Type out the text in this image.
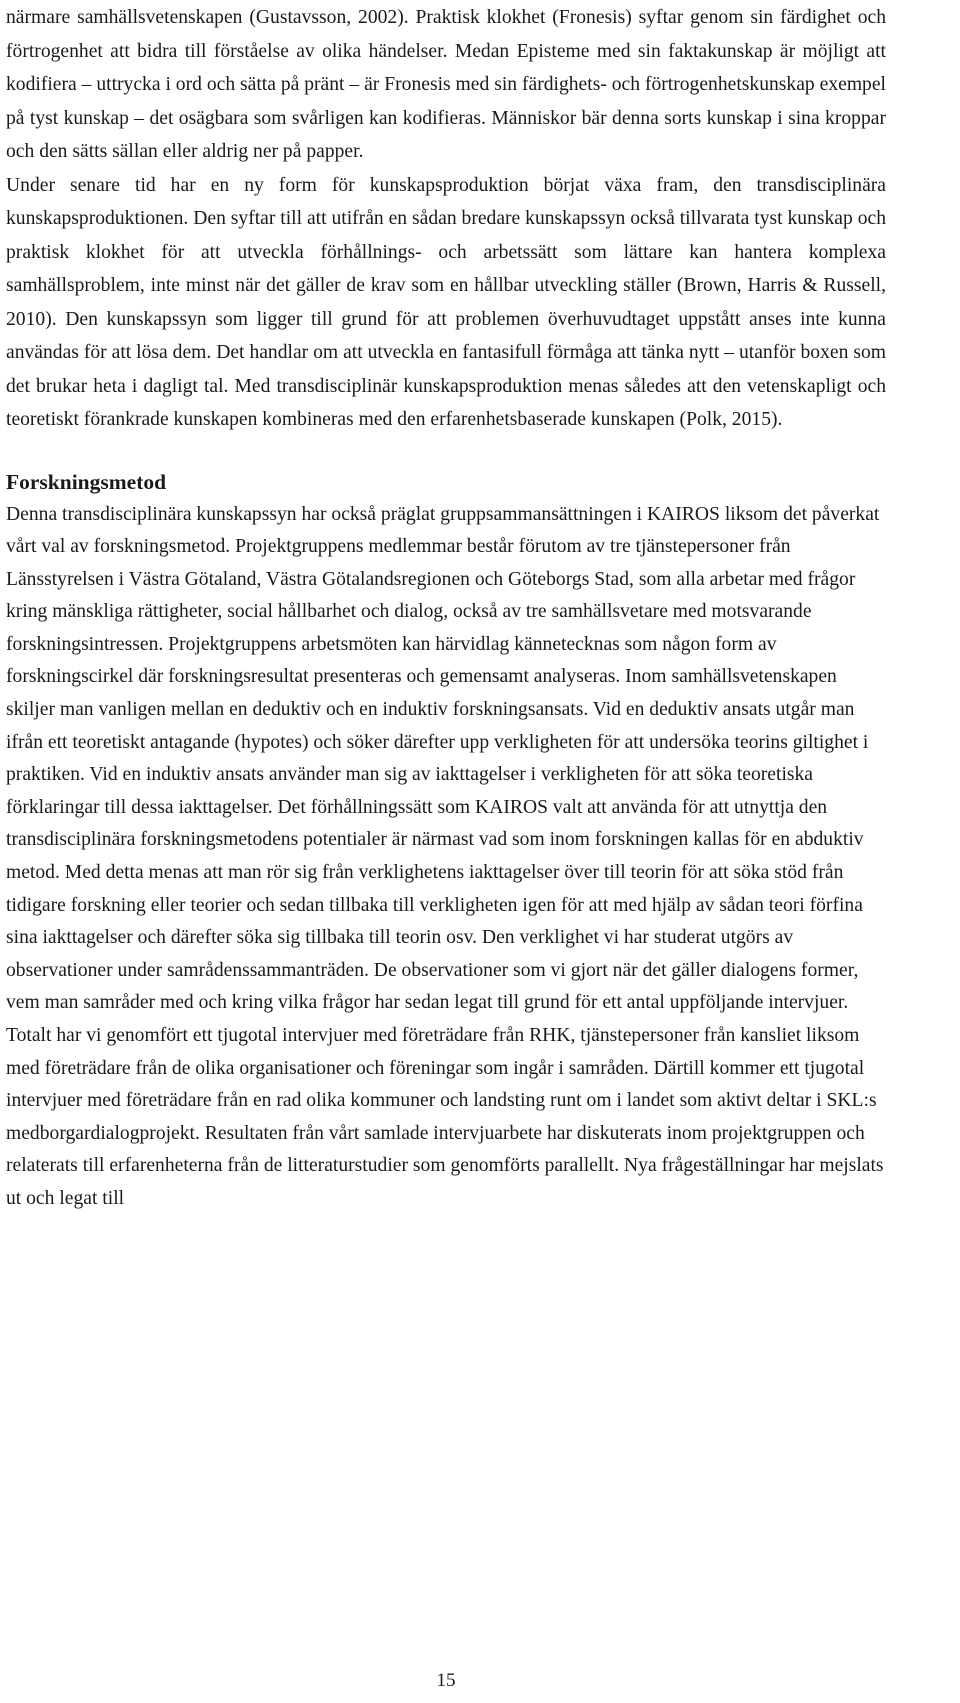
närmare samhällsvetenskapen (Gustavsson, 2002). Praktisk klokhet (Fronesis) syftar genom sin färdighet och förtrogenhet att bidra till förståelse av olika händelser. Medan Episteme med sin faktakunskap är möjligt att kodifiera – uttrycka i ord och sätta på pränt – är Fronesis med sin färdighets- och förtrogenhetskunskap exempel på tyst kunskap – det osägbara som svårligen kan kodifieras. Människor bär denna sorts kunskap i sina kroppar och den sätts sällan eller aldrig ner på papper.

Under senare tid har en ny form för kunskapsproduktion börjat växa fram, den transdisciplinära kunskapsproduktionen. Den syftar till att utifrån en sådan bredare kunskapssyn också tillvarata tyst kunskap och praktisk klokhet för att utveckla förhållnings- och arbetssätt som lättare kan hantera komplexa samhällsproblem, inte minst när det gäller de krav som en hållbar utveckling ställer (Brown, Harris & Russell, 2010). Den kunskapssyn som ligger till grund för att problemen överhuvudtaget uppstått anses inte kunna användas för att lösa dem. Det handlar om att utveckla en fantasifull förmåga att tänka nytt – utanför boxen som det brukar heta i dagligt tal. Med transdisciplinär kunskapsproduktion menas således att den vetenskapligt och teoretiskt förankrade kunskapen kombineras med den erfarenhetsbaserade kunskapen (Polk, 2015).

Forskningsmetod

Denna transdisciplinära kunskapssyn har också präglat gruppsammansättningen i KAIROS liksom det påverkat vårt val av forskningsmetod. Projektgruppens medlemmar består förutom av tre tjänstepersoner från Länsstyrelsen i Västra Götaland, Västra Götalandsregionen och Göteborgs Stad, som alla arbetar med frågor kring mänskliga rättigheter, social hållbarhet och dialog, också av tre samhällsvetare med motsvarande forskningsintressen. Projektgruppens arbetsmöten kan härvidlag kännetecknas som någon form av forskningscirkel där forskningsresultat presenteras och gemensamt analyseras. Inom samhällsvetenskapen skiljer man vanligen mellan en deduktiv och en induktiv forskningsansats. Vid en deduktiv ansats utgår man ifrån ett teoretiskt antagande (hypotes) och söker därefter upp verkligheten för att undersöka teorins giltighet i praktiken. Vid en induktiv ansats använder man sig av iakttagelser i verkligheten för att söka teoretiska förklaringar till dessa iakttagelser. Det förhållningssätt som KAIROS valt att använda för att utnyttja den transdisciplinära forskningsmetodens potentialer är närmast vad som inom forskningen kallas för en abduktiv metod. Med detta menas att man rör sig från verklighetens iakttagelser över till teorin för att söka stöd från tidigare forskning eller teorier och sedan tillbaka till verkligheten igen för att med hjälp av sådan teori förfina sina iakttagelser och därefter söka sig tillbaka till teorin osv. Den verklighet vi har studerat utgörs av observationer under samrådenssammanträden. De observationer som vi gjort när det gäller dialogens former, vem man samråder med och kring vilka frågor har sedan legat till grund för ett antal uppföljande intervjuer. Totalt har vi genomfört ett tjugotal intervjuer med företrädare från RHK, tjänstepersoner från kansliet liksom med företrädare från de olika organisationer och föreningar som ingår i samråden. Därtill kommer ett tjugotal intervjuer med företrädare från en rad olika kommuner och landsting runt om i landet som aktivt deltar i SKL:s medborgardialogprojekt. Resultaten från vårt samlade intervjuarbete har diskuterats inom projektgruppen och relaterats till erfarenheterna från de litteraturstudier som genomförts parallellt. Nya frågeställningar har mejslats ut och legat till

15
